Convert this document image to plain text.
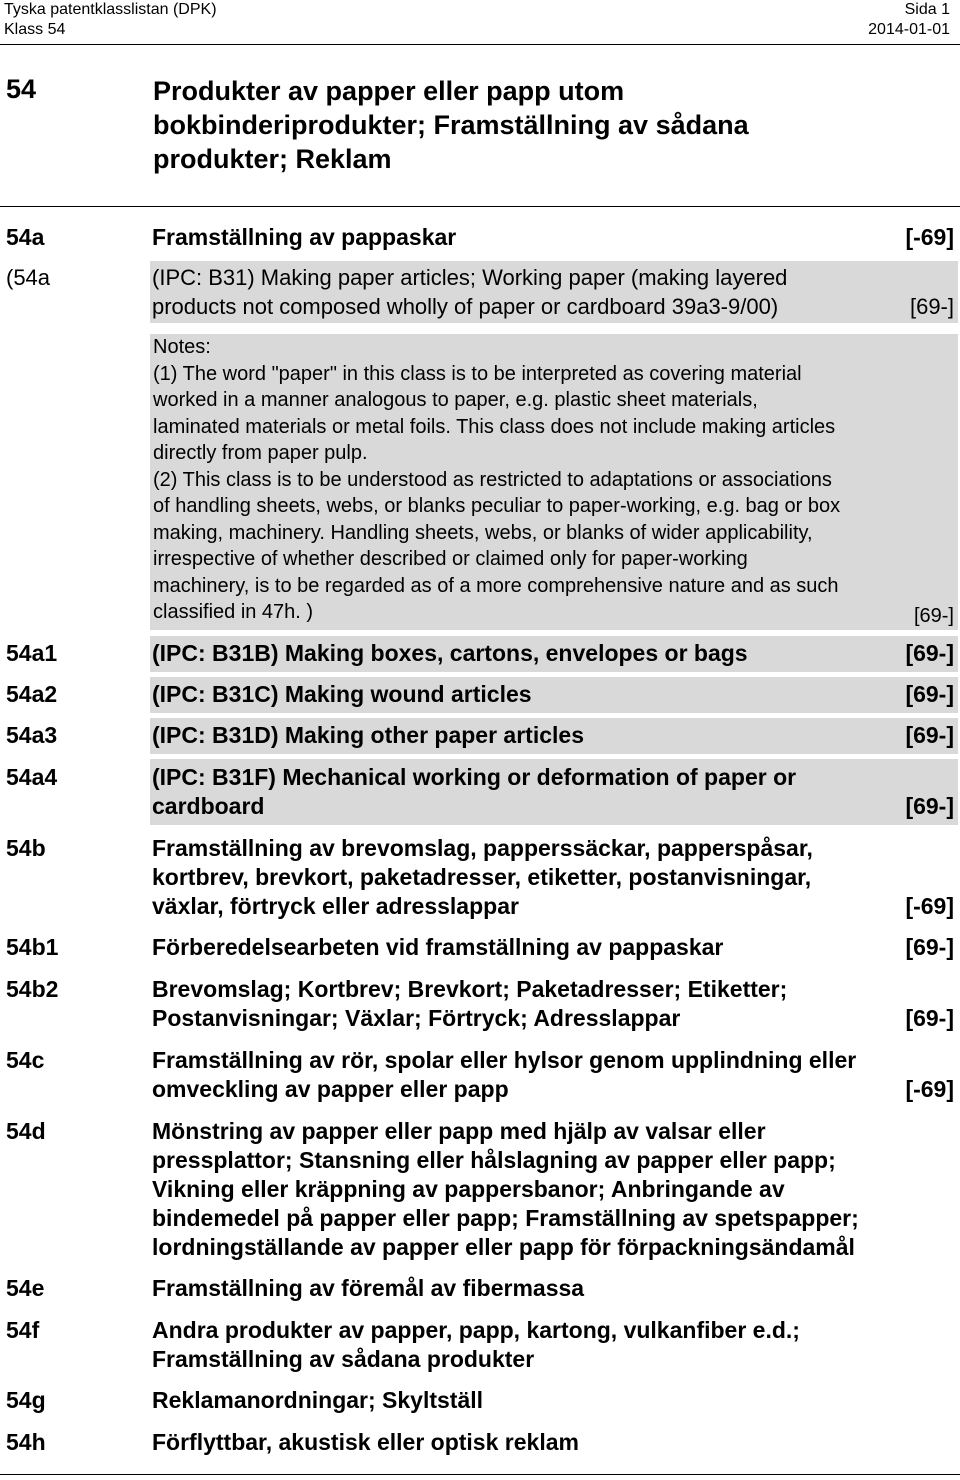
Tyska patentklasslistan (DPK)
Klass 54
Sida 1
2014-01-01
54	Produkter av papper eller papp utom
bokbinderiprodukter; Framställning av sådana
produkter; Reklam
54a	Framställning av pappaskar	[-69]
(54a	(IPC: B31) Making paper articles; Working paper (making layered
products not composed wholly of paper or cardboard 39a3-9/00)	[69-]

Notes:

(1) The word "paper" in this class is to be interpreted as covering material

worked in a manner analogous to paper, e.g. plastic sheet materials,

laminated materials or metal foils. This class does not include making articles

directly from paper pulp.

(2) This class is to be understood as restricted to adaptations or associations

of handling sheets, webs, or blanks peculiar to paper-working, e.g. bag or box

making, machinery. Handling sheets, webs, or blanks of wider applicability,

irrespective of whether described or claimed only for paper-working

machinery, is to be regarded as of a more comprehensive nature and as such

classified in 47h. )	[69-]
54a1	(IPC: B31B) Making boxes, cartons, envelopes or bags	[69-]
54a2	(IPC: B31C) Making wound articles	[69-]
54a3	(IPC: B31D) Making other paper articles	[69-]
54a4	(IPC: B31F) Mechanical working or deformation of paper or
cardboard	[69-]
54b	Framställning av brevomslag, papperssäckar, papperspåsar,
kortbrev, brevkort, paketadresser, etiketter, postanvisningar,
växlar, förtryck eller adresslappar	[-69]
54b1	Förberedelsearbeten vid framställning av pappaskar	[69-]
54b2	Brevomslag; Kortbrev; Brevkort; Paketadresser; Etiketter;
Postanvisningar; Växlar; Förtryck; Adresslappar	[69-]
54c	Framställning av rör, spolar eller hylsor genom upplindning eller
omveckling av papper eller papp	[-69]
54d	Mönstring av papper eller papp med hjälp av valsar eller
pressplattor; Stansning eller hålslagning av papper eller papp;
Vikning eller kräppning av pappersbanor; Anbringande av
bindemedel på papper eller papp; Framställning av spetspapper;
lordningställande av papper eller papp för förpackningsändamål
54e	Framställning av föremål av fibermassa
54f	Andra produkter av papper, papp, kartong, vulkanfiber e.d.;
Framställning av sådana produkter
54g	Reklamanordningar; Skyltställ
54h	Förflyttbar, akustisk eller optisk reklam
